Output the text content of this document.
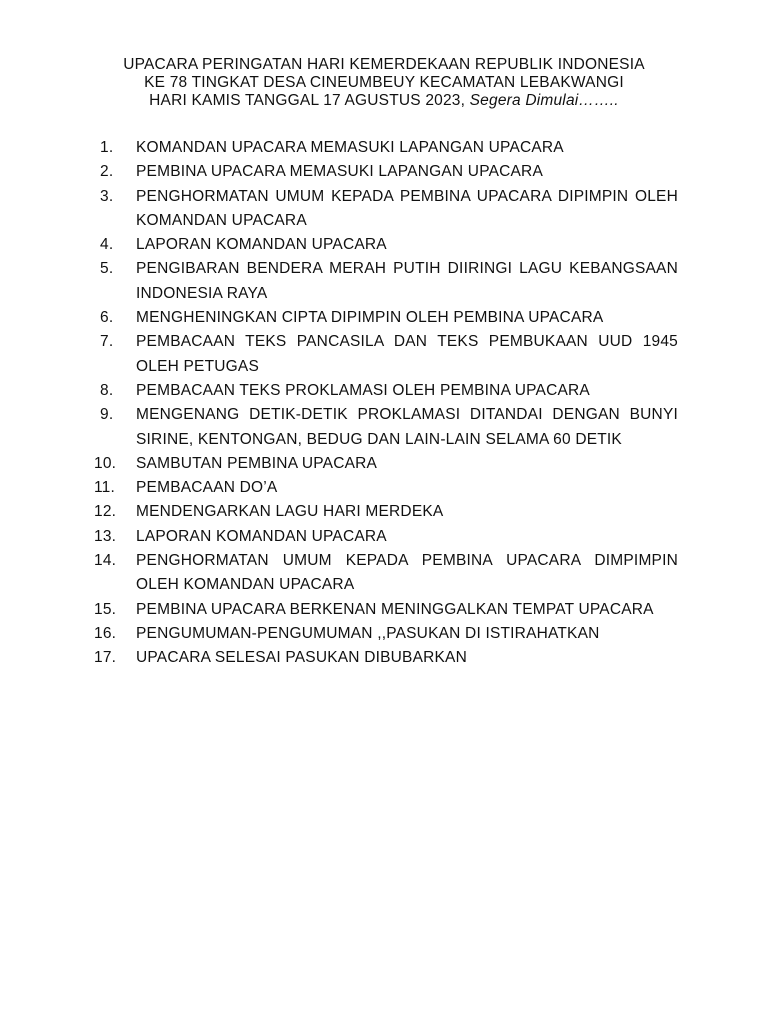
UPACARA PERINGATAN HARI KEMERDEKAAN REPUBLIK INDONESIA
KE 78 TINGKAT DESA CINEUMBEUY KECAMATAN LEBAKWANGI
HARI KAMIS TANGGAL 17 AGUSTUS 2023, Segera Dimulai……..
1.	KOMANDAN UPACARA MEMASUKI LAPANGAN UPACARA
2.	PEMBINA UPACARA MEMASUKI LAPANGAN UPACARA
3.	PENGHORMATAN UMUM KEPADA PEMBINA UPACARA DIPIMPIN OLEH KOMANDAN UPACARA
4.	LAPORAN KOMANDAN UPACARA
5.	PENGIBARAN BENDERA MERAH PUTIH DIIRINGI LAGU KEBANGSAAN INDONESIA RAYA
6.	MENGHENINGKAN CIPTA DIPIMPIN OLEH PEMBINA UPACARA
7.	PEMBACAAN TEKS PANCASILA DAN TEKS PEMBUKAAN UUD 1945 OLEH PETUGAS
8.	PEMBACAAN TEKS PROKLAMASI OLEH PEMBINA UPACARA
9.	MENGENANG DETIK-DETIK PROKLAMASI DITANDAI DENGAN BUNYI SIRINE, KENTONGAN, BEDUG DAN LAIN-LAIN SELAMA 60 DETIK
10.	SAMBUTAN PEMBINA UPACARA
11.	PEMBACAAN DO’A
12.	MENDENGARKAN LAGU HARI MERDEKA
13.	LAPORAN KOMANDAN UPACARA
14.	PENGHORMATAN UMUM KEPADA PEMBINA UPACARA DIMPIMPIN OLEH KOMANDAN UPACARA
15.	PEMBINA UPACARA BERKENAN MENINGGALKAN TEMPAT UPACARA
16.	PENGUMUMAN-PENGUMUMAN ,,PASUKAN DI ISTIRAHATKAN
17.	UPACARA SELESAI PASUKAN DIBUBARKAN
